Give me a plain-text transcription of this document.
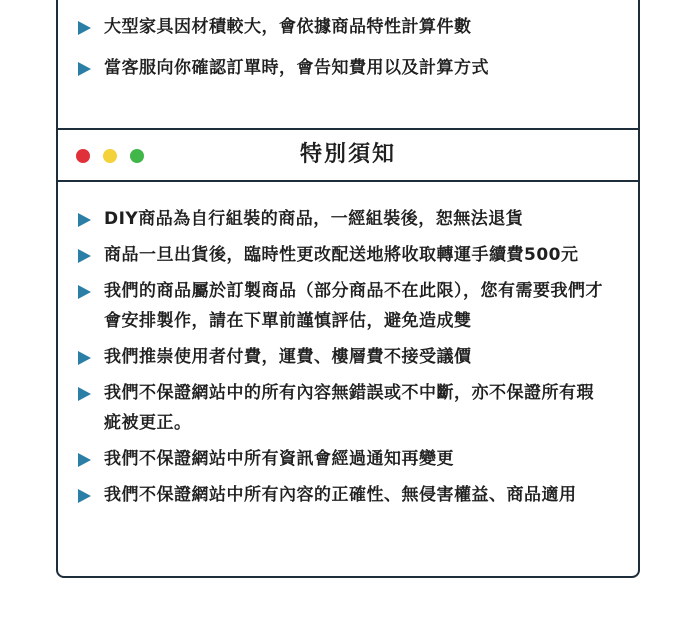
大型家具因材積較大，會依據商品特性計算件數
當客服向你確認訂單時，會告知費用以及計算方式
特別須知
DIY商品為自行組裝的商品，一經組裝後，恕無法退貨
商品一旦出貨後，臨時性更改配送地將收取轉運手續費500元
我們的商品屬於訂製商品（部分商品不在此限），您有需要我們才會安排製作，請在下單前謹慎評估，避免造成雙
我們推崇使用者付費，運費、樓層費不接受議價
我們不保證網站中的所有內容無錯誤或不中斷，亦不保證所有瑕疵被更正。
我們不保證網站中所有資訊會經過通知再變更
我們不保證網站中所有內容的正確性、無侵害權益、商品適用
